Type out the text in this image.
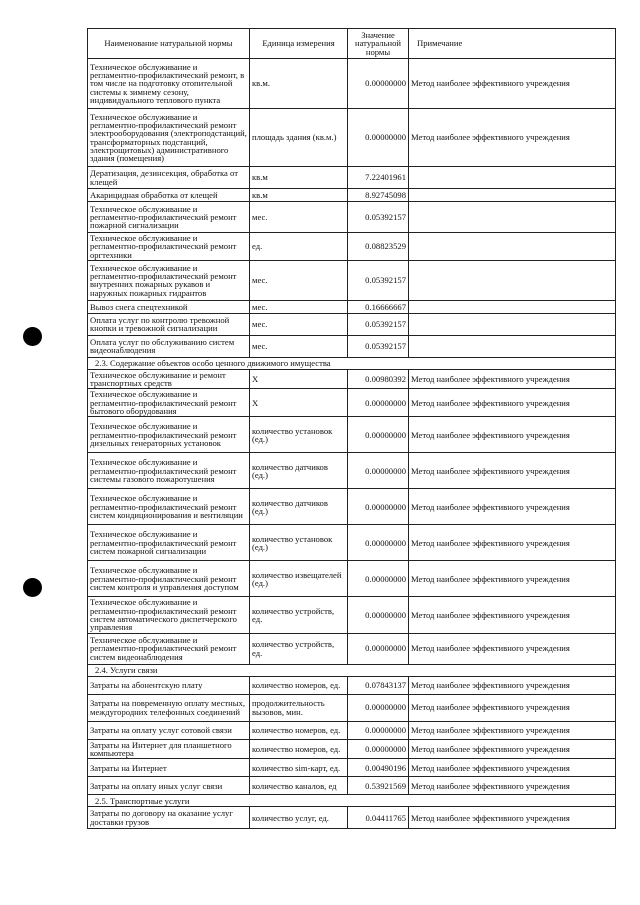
Наименование натуральной нормы	Единица измерения	Значение натуральной нормы	Примечание
Техническое обслуживание и регламентно-профилактический ремонт, в том числе на подготовку отопительной системы к зимнему сезону, индивидуального теплового пункта	кв.м.	0.00000000	Метод наиболее эффективного учреждения
Техническое обслуживание и регламентно-профилактический ремонт электрооборудования (электроподстанций, трансформаторных подстанций, электрощитовых) административного здания (помещения)	площадь здания (кв.м.)	0.00000000	Метод наиболее эффективного учреждения
Дератизация, дезинсекция, обработка от клещей	кв.м	7.22401961	
Акарицидная обработка от клещей	кв.м	8.92745098	
Техническое обслуживание и регламентно-профилактический ремонт пожарной сигнализации	мес.	0.05392157	
Техническое обслуживание и регламентно-профилактический ремонт оргтехники	ед.	0.08823529	
Техническое обслуживание и регламентно-профилактический ремонт внутренних пожарных рукавов и наружных пожарных гидрантов	мес.	0.05392157	
Вывоз снега спецтехникой	мес.	0.16666667	
Оплата услуг по контролю тревожной кнопки и тревожной сигнализации	мес.	0.05392157	
Оплата услуг по обслуживанию систем видеонаблюдения	мес.	0.05392157	
2.3. Содержание объектов особо ценного движимого имущества			
Техническое обслуживание и ремонт транспортных средств	Х	0.00980392	Метод наиболее эффективного учреждения
Техническое обслуживание и регламентно-профилактический ремонт бытового оборудования	Х	0.00000000	Метод наиболее эффективного учреждения
Техническое обслуживание и регламентно-профилактический ремонт дизельных генераторных установок	количество установок (ед.)	0.00000000	Метод наиболее эффективного учреждения
Техническое обслуживание и регламентно-профилактический ремонт системы газового пожаротушения	количество датчиков (ед.)	0.00000000	Метод наиболее эффективного учреждения
Техническое обслуживание и регламентно-профилактический ремонт систем кондиционирования и вентиляции	количество датчиков (ед.)	0.00000000	Метод наиболее эффективного учреждения
Техническое обслуживание и регламентно-профилактический ремонт систем пожарной сигнализации	количество установок (ед.)	0.00000000	Метод наиболее эффективного учреждения
Техническое обслуживание и регламентно-профилактический ремонт систем контроля и управления доступом	количество извещателей (ед.)	0.00000000	Метод наиболее эффективного учреждения
Техническое обслуживание и регламентно-профилактический ремонт систем автоматического диспетчерского управления	количество устройств, ед.	0.00000000	Метод наиболее эффективного учреждения
Техническое обслуживание и регламентно-профилактический ремонт систем видеонаблюдения	количество устройств, ед.	0.00000000	Метод наиболее эффективного учреждения
2.4. Услуги связи			
Затраты на абонентскую плату	количество номеров, ед.	0.07843137	Метод наиболее эффективного учреждения
Затраты на повременную оплату местных, междугородних телефонных соединений	продолжительность вызовов, мин.	0.00000000	Метод наиболее эффективного учреждения
Затраты на оплату услуг сотовой связи	количество номеров, ед.	0.00000000	Метод наиболее эффективного учреждения
Затраты на Интернет для планшетного компьютера	количество номеров, ед.	0.00000000	Метод наиболее эффективного учреждения
Затраты на Интернет	количество sim-карт, ед.	0.00490196	Метод наиболее эффективного учреждения
Затраты на оплату иных услуг связи	количество каналов, ед	0.53921569	Метод наиболее эффективного учреждения
2.5. Транспортные услуги			
Затраты по договору на оказание услуг доставки грузов	количество услуг, ед.	0.04411765	Метод наиболее эффективного учреждения
